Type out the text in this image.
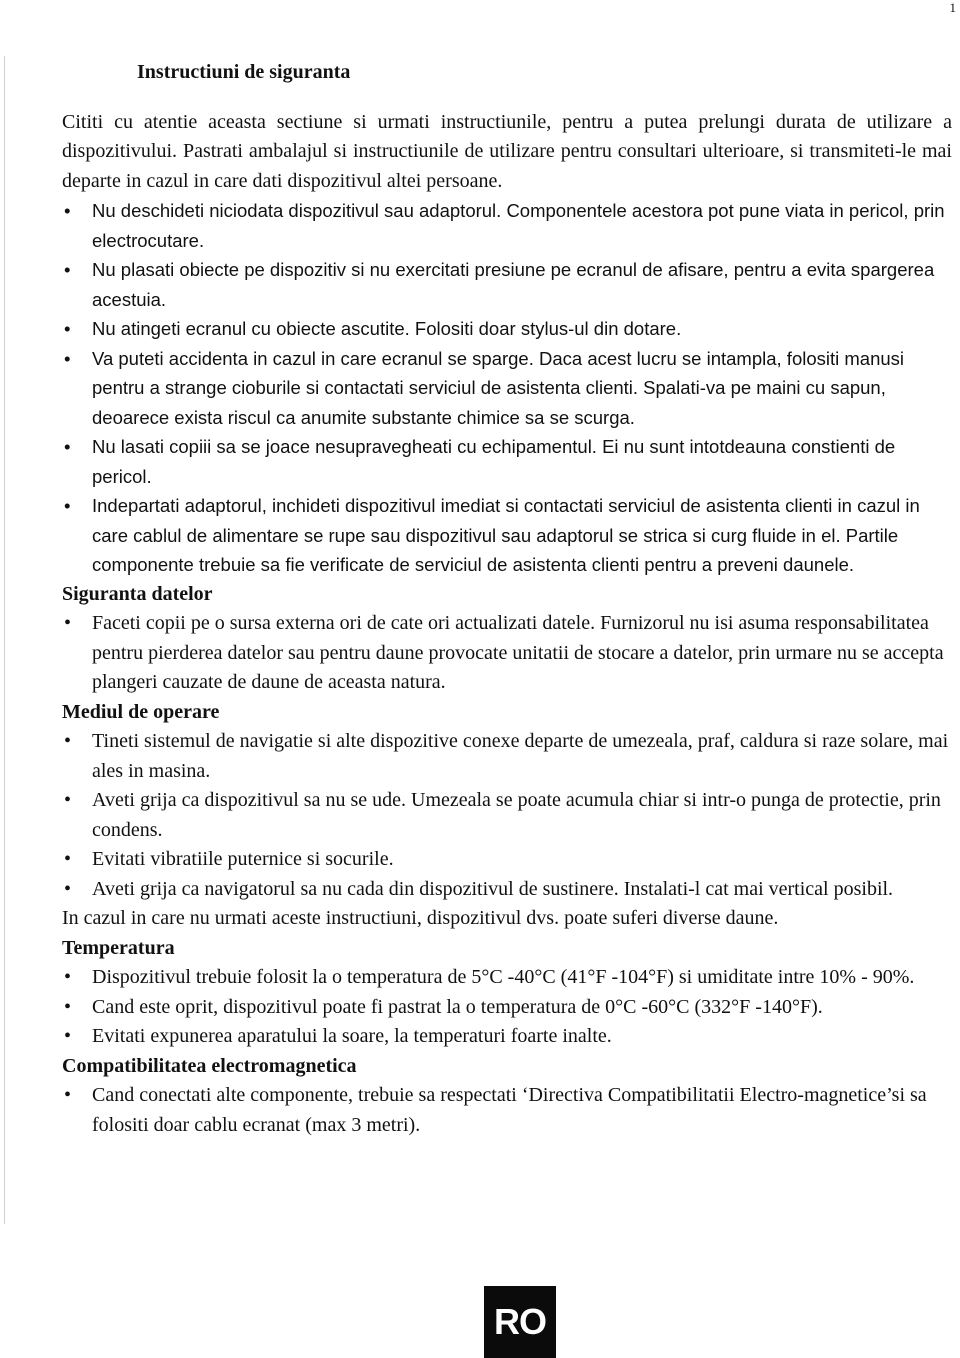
1
Instructiuni de siguranta

Cititi cu atentie aceasta sectiune si urmati instructiunile, pentru a putea prelungi durata de utilizare a dispozitivului. Pastrati ambalajul si instructiunile de utilizare pentru consultari ulterioare, si transmiteti-le mai departe in cazul in care dati dispozitivul altei persoane.

• Nu deschideti niciodata dispozitivul sau adaptorul. Componentele acestora pot pune viata in pericol, prin electrocutare.
• Nu plasati obiecte pe dispozitiv si nu exercitati presiune pe ecranul de afisare, pentru a evita spargerea acestuia.
• Nu atingeti ecranul cu obiecte ascutite. Folositi doar stylus-ul din dotare.
• Va puteti accidenta in cazul in care ecranul se sparge. Daca acest lucru se intampla, folositi manusi pentru a strange cioburile si contactati serviciul de asistenta clienti. Spalati-va pe maini cu sapun, deoarece exista riscul ca anumite substante chimice sa se scurga.
• Nu lasati copiii sa se joace nesupravegheati cu echipamentul. Ei nu sunt intotdeauna constienti de pericol.
• Indepartati adaptorul, inchideti dispozitivul imediat si contactati serviciul de asistenta clienti in cazul in care cablul de alimentare se rupe sau dispozitivul sau adaptorul se strica si curg fluide in el. Partile componente trebuie sa fie verificate de serviciul de asistenta clienti pentru a preveni daunele.
Siguranta datelor
• Faceti copii pe o sursa externa ori de cate ori actualizati datele. Furnizorul nu isi asuma responsabilitatea pentru pierderea datelor sau pentru daune provocate unitatii de stocare a datelor, prin urmare nu se accepta plangeri cauzate de daune de aceasta natura.
Mediul de operare
• Tineti sistemul de navigatie si alte dispozitive conexe departe de umezeala, praf, caldura si raze solare, mai ales in masina.
• Aveti grija ca dispozitivul sa nu se ude. Umezeala se poate acumula chiar si intr-o punga de protectie, prin condens.
• Evitati vibratiile puternice si socurile.
• Aveti grija ca navigatorul sa nu cada din dispozitivul de sustinere. Instalati-l cat mai vertical posibil.
In cazul in care nu urmati aceste instructiuni, dispozitivul dvs. poate suferi diverse daune.
Temperatura
• Dispozitivul trebuie folosit la o temperatura de 5°C -40°C (41°F -104°F) si umiditate intre 10% - 90%.
• Cand este oprit, dispozitivul poate fi pastrat la o temperatura de 0°C -60°C (332°F -140°F).
• Evitati expunerea aparatului la soare, la temperaturi foarte inalte.
Compatibilitatea electromagnetica
• Cand conectati alte componente, trebuie sa respectati ‘Directiva Compatibilitatii Electro-magnetice’si sa folositi doar cablu ecranat (max 3 metri).
RO
